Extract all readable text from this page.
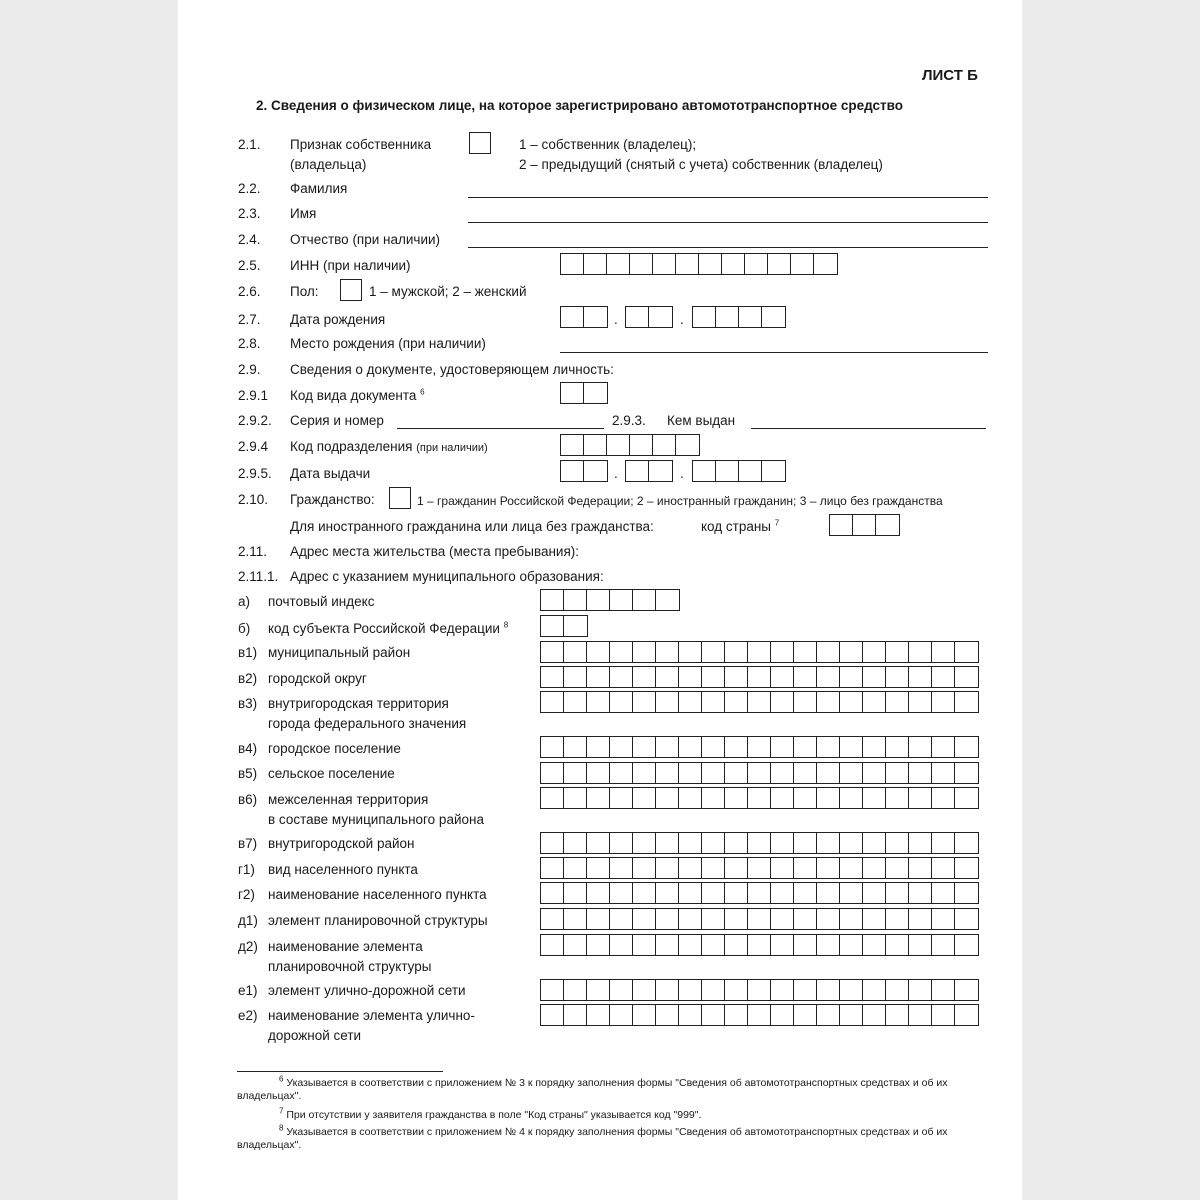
ЛИСТ Б
2. Сведения о физическом лице, на которое зарегистрировано автомототранспортное средство
2.1. Признак собственника
(владельца)
1 – собственник (владелец);
2 – предыдущий (снятый с учета) собственник (владелец)
2.2. Фамилия
2.3. Имя
2.4. Отчество (при наличии)
2.5. ИНН (при наличии)
2.6. Пол:	1 – мужской; 2 – женский
2.7. Дата рождения	.	.
2.8. Место рождения (при наличии)
2.9. Сведения о документе, удостоверяющем личность:
2.9.1 Код вида документа $^6$
2.9.2. Серия и номер	2.9.3. Кем выдан
2.9.4 Код подразделения (при наличии)
2.9.5. Дата выдачи	.	.
2.10. Гражданство:	1 – гражданин Российской Федерации; 2 – иностранный гражданин; 3 – лицо без гражданства
Для иностранного гражданина или лица без гражданства:	код страны $^7$
2.11. Адрес места жительства (места пребывания):
2.11.1. Адрес с указанием муниципального образования:
а) почтовый индекс
б) код субъекта Российской Федерации $^8$
в1) муниципальный район
в2) городской округ
в3) внутригородская территория
города федерального значения
в4) городское поселение
в5) сельское поселение
в6) межселенная территория
в составе муниципального района
в7) внутригородской район
г1) вид населенного пункта
г2) наименование населенного пункта
д1) элемент планировочной структуры
д2) наименование элемента
планировочной структуры
е1) элемент улично-дорожной сети
е2) наименование элемента улично-
дорожной сети
$^6$ Указывается в соответствии с приложением № 3 к порядку заполнения формы "Сведения об автомототранспортных средствах и об их владельцах".
$^7$ При отсутствии у заявителя гражданства в поле "Код страны" указывается код "999".
$^8$ Указывается в соответствии с приложением № 4 к порядку заполнения формы "Сведения об автомототранспортных средствах и об их владельцах".
